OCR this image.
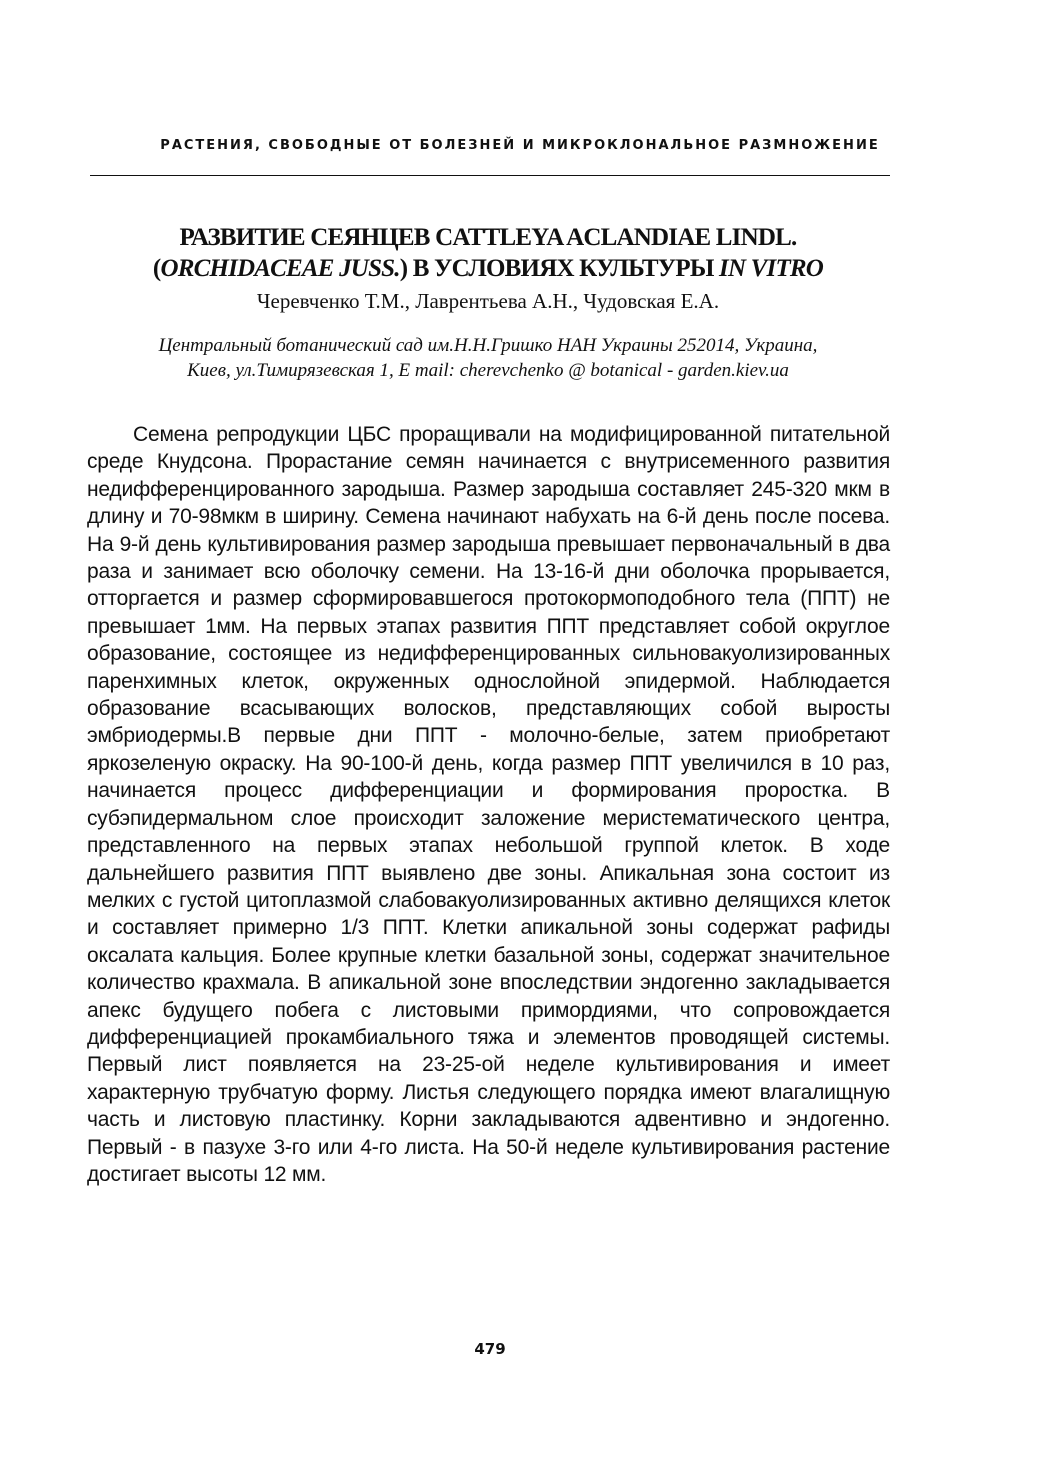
РАСТЕНИЯ, СВОБОДНЫЕ ОТ БОЛЕЗНЕЙ И МИКРОКЛОНАЛЬНОЕ РАЗМНОЖЕНИЕ
РАЗВИТИЕ СЕЯНЦЕВ CATTLEYA ACLANDIAE LINDL. (ORCHIDACEAE JUSS.) В УСЛОВИЯХ КУЛЬТУРЫ IN VITRO
Черевченко Т.М., Лаврентьева А.Н., Чудовская Е.А.
Центральный ботанический сад им.Н.Н.Гришко НАН Украины 252014, Украина,
Киев, ул.Тимирязевская 1, E mail: cherevchenko @ botanical - garden.kiev.ua

Семена репродукции ЦБС проращивали на модифицированной питательной среде Кнудсона. Прорастание семян начинается с внутрисеменного развития недифференцированного зародыша. Размер зародыша составляет 245-320 мкм в длину и 70-98мкм в ширину. Семена начинают набухать на 6-й день после посева. На 9-й день культивирования размер зародыша превышает первоначальный в два раза и занимает всю оболочку семени. На 13-16-й дни оболочка прорывается, отторгается и размер сформировавшегося протокормоподобного тела (ППТ) не превышает 1мм. На первых этапах развития ППТ представляет собой округлое образование, состоящее из недифференцированных сильновакуолизированных паренхимных клеток, окруженных однослойной эпидермой. Наблюдается образование всасывающих волосков, представляющих собой выросты эмбриодермы.В первые дни ППТ - молочно-белые, затем приобретают яркозеленую окраску. На 90-100-й день, когда размер ППТ увеличился в 10 раз, начинается процесс дифференциации и формирования проростка. В субэпидермальном слое происходит заложение меристематического центра, представленного на первых этапах небольшой группой клеток. В ходе дальнейшего развития ППТ выявлено две зоны. Апикальная зона состоит из мелких с густой цитоплазмой слабовакуолизированных активно делящихся клеток и составляет примерно 1/3 ППТ. Клетки апикальной зоны содержат рафиды оксалата кальция. Более крупные клетки базальной зоны, содержат значительное количество крахмала. В апикальной зоне впоследствии эндогенно закладывается апекс будущего побега с листовыми примордиями, что сопровождается дифференциацией прокамбиального тяжа и элементов проводящей системы. Первый лист появляется на 23-25-ой неделе культивирования и имеет характерную трубчатую форму. Листья следующего порядка имеют влагалищную часть и листовую пластинку. Корни закладываются адвентивно и эндогенно. Первый - в пазухе 3-го или 4-го листа. На 50-й неделе культивирования растение достигает высоты 12 мм.

479
